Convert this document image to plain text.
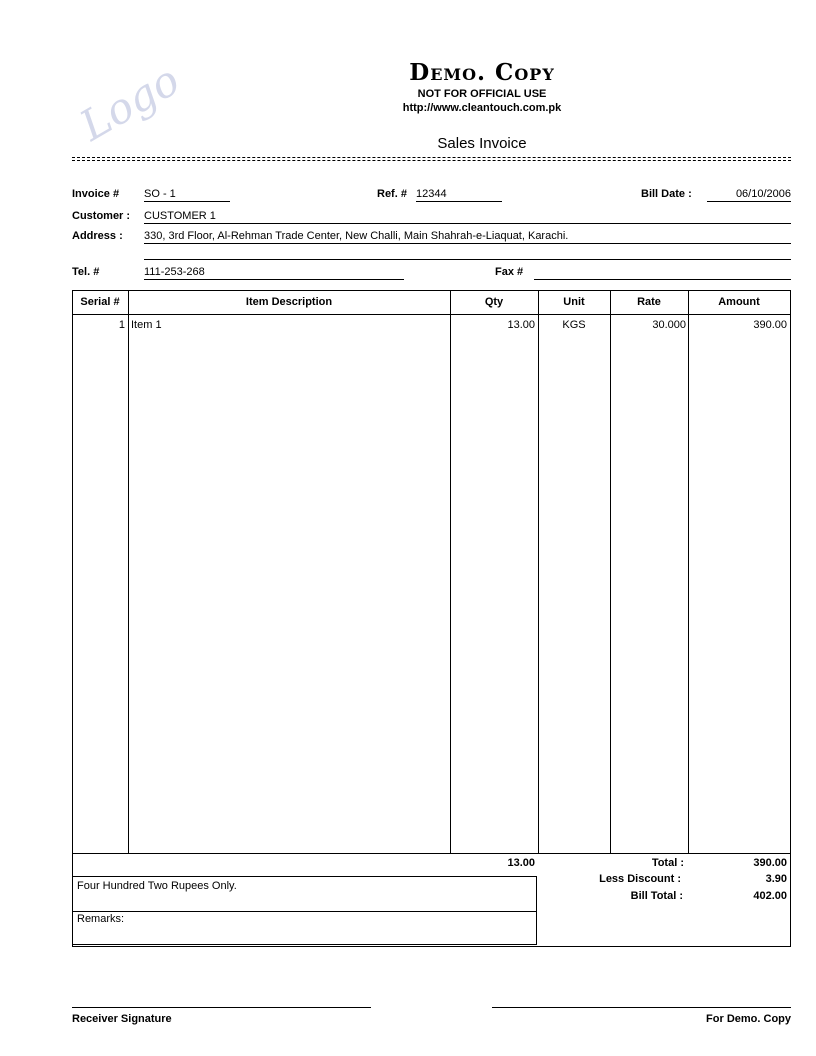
Logo	Demo. Copy
NOT FOR OFFICIAL USE
http://www.cleantouch.com.pk
Sales Invoice
Invoice # SO - 1	Ref. # 12344	Bill Date :	06/10/2006
Customer : CUSTOMER 1
Address : 330, 3rd Floor, Al-Rehman Trade Center, New Challi, Main Shahrah-e-Liaquat, Karachi.
Tel. #	111-253-268	Fax #
Serial #	Item Description	Qty	Unit	Rate	Amount
1 Item 1	13.00	KGS	30.000	390.00
13.00	Total :	390.00
Less Discount :	3.90
Bill Total :	402.00
Four Hundred Two Rupees Only.
Remarks:
Receiver Signature	For Demo. Copy
